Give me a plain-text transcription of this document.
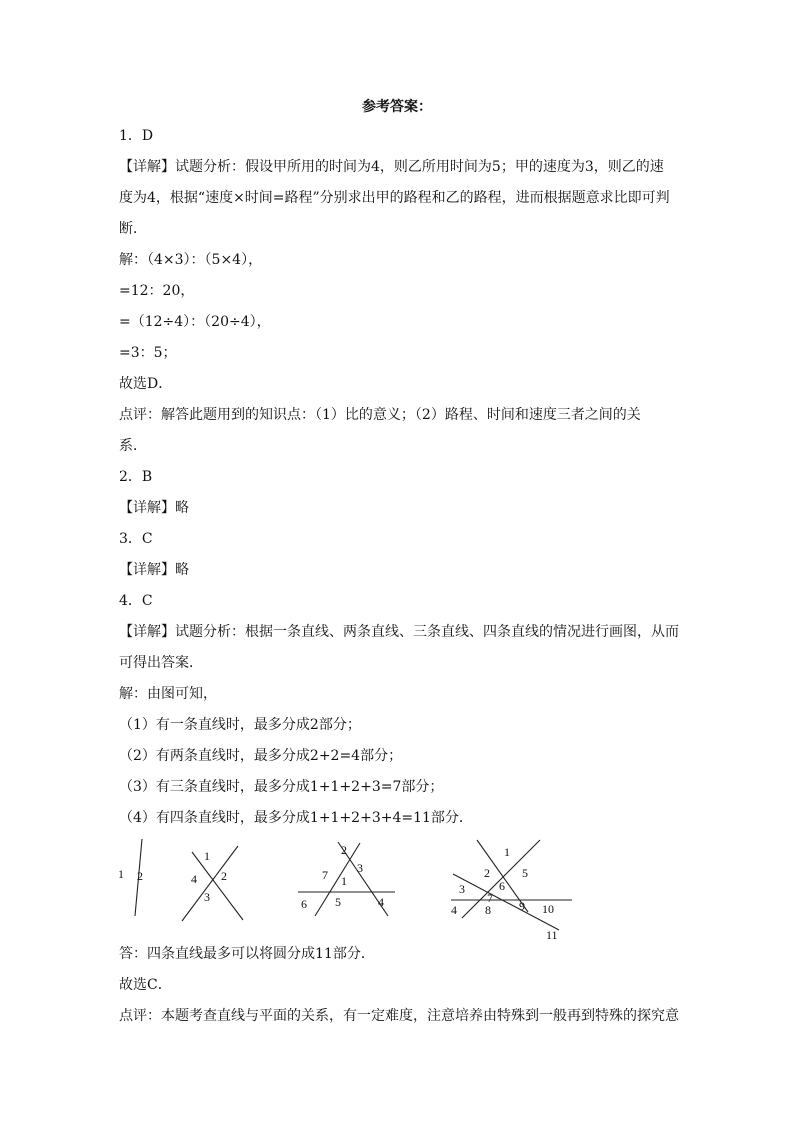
参考答案：
1．D
【详解】试题分析：假设甲所用的时间为4，则乙所用时间为5；甲的速度为3，则乙的速
度为4，根据“速度×时间=路程”分别求出甲的路程和乙的路程，进而根据题意求比即可判
断．
解：（4×3）：（5×4），
=12：20，
=（12÷4）：（20÷4），
=3：5；
故选D．
点评：解答此题用到的知识点：（1）比的意义；（2）路程、时间和速度三者之间的关
系．
2．B
【详解】略
3．C
【详解】略
4．C
【详解】试题分析：根据一条直线、两条直线、三条直线、四条直线的情况进行画图，从而
可得出答案．
解：由图可知，
（1）有一条直线时，最多分成2部分；
（2）有两条直线时，最多分成2+2=4部分；
（3）有三条直线时，最多分成1+1+2+3=7部分；
（4）有四条直线时，最多分成1+1+2+3+4=11部分．
1 2
1
4 2
3
2
7 3
1
6 5	4
1
2	5
3	6
7
4 8 9 10
11
答：四条直线最多可以将圆分成11部分．
故选C．
点评：本题考查直线与平面的关系，有一定难度，注意培养由特殊到一般再到特殊的探究意
